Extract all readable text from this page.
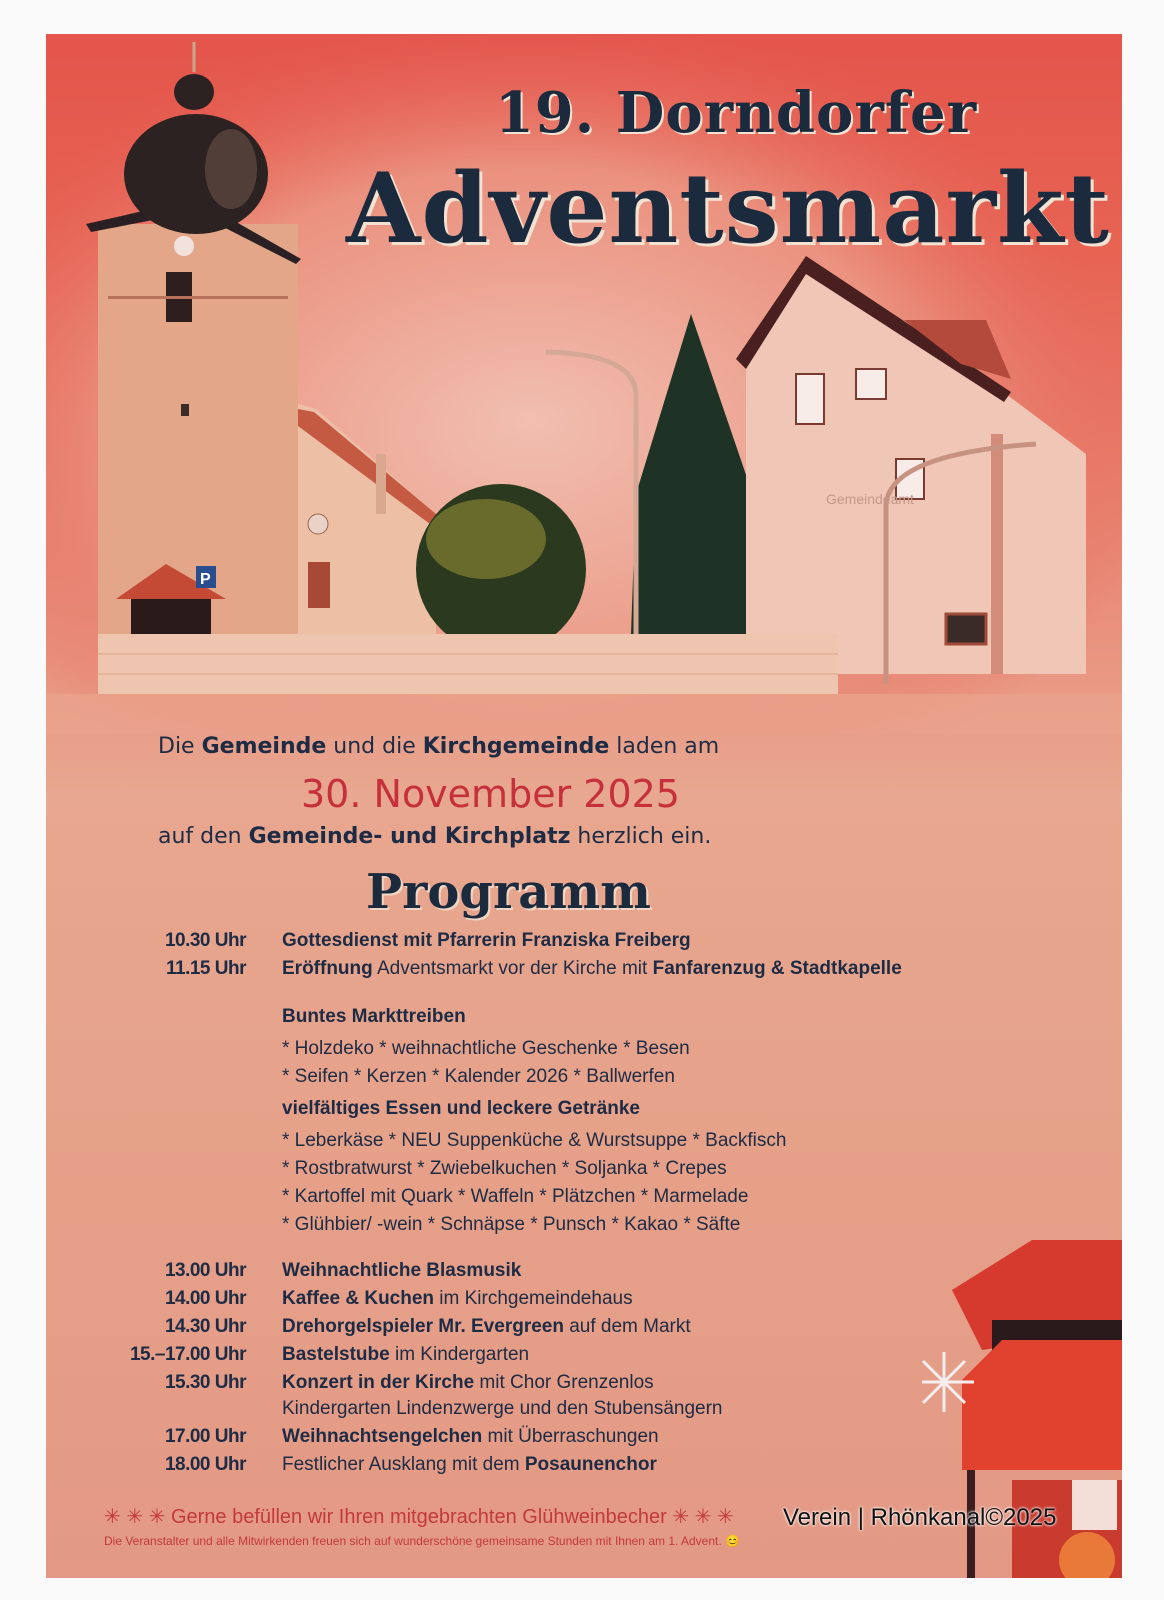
P
Gemeindeamt
19. Dorndorfer
Adventsmarkt
Die Gemeinde und die Kirchgemeinde laden am
30. November 2025
auf den Gemeinde- und Kirchplatz herzlich ein.
Programm
10.30 Uhr Gottesdienst mit Pfarrerin Franziska Freiberg
11.15 Uhr Eröffnung Adventsmarkt vor der Kirche mit Fanfarenzug & Stadtkapelle
Buntes Markttreiben
* Holzdeko * weihnachtliche Geschenke * Besen
* Seifen * Kerzen * Kalender 2026 * Ballwerfen
vielfältiges Essen und leckere Getränke
* Leberkäse * NEU Suppenküche & Wurstsuppe * Backfisch
* Rostbratwurst * Zwiebelkuchen * Soljanka * Crepes
* Kartoffel mit Quark * Waffeln * Plätzchen * Marmelade
* Glühbier/ -wein * Schnäpse * Punsch * Kakao * Säfte
13.00 Uhr Weihnachtliche Blasmusik
14.00 Uhr Kaffee & Kuchen im Kirchgemeindehaus
14.30 Uhr Drehorgelspieler Mr. Evergreen auf dem Markt
15.–17.00 Uhr Bastelstube im Kindergarten
15.30 Uhr Konzert in der Kirche mit Chor Grenzenlos
Kindergarten Lindenzwerge und den Stubensängern
17.00 Uhr Weihnachtsengelchen mit Überraschungen
18.00 Uhr Festlicher Ausklang mit dem Posaunenchor
✳ ✳ ✳ Gerne befüllen wir Ihren mitgebrachten Glühweinbecher ✳ ✳ ✳
Die Veranstalter und alle Mitwirkenden freuen sich auf wunderschöne gemeinsame Stunden mit Ihnen am 1. Advent. 😊
Verein | Rhönkanal©2025
